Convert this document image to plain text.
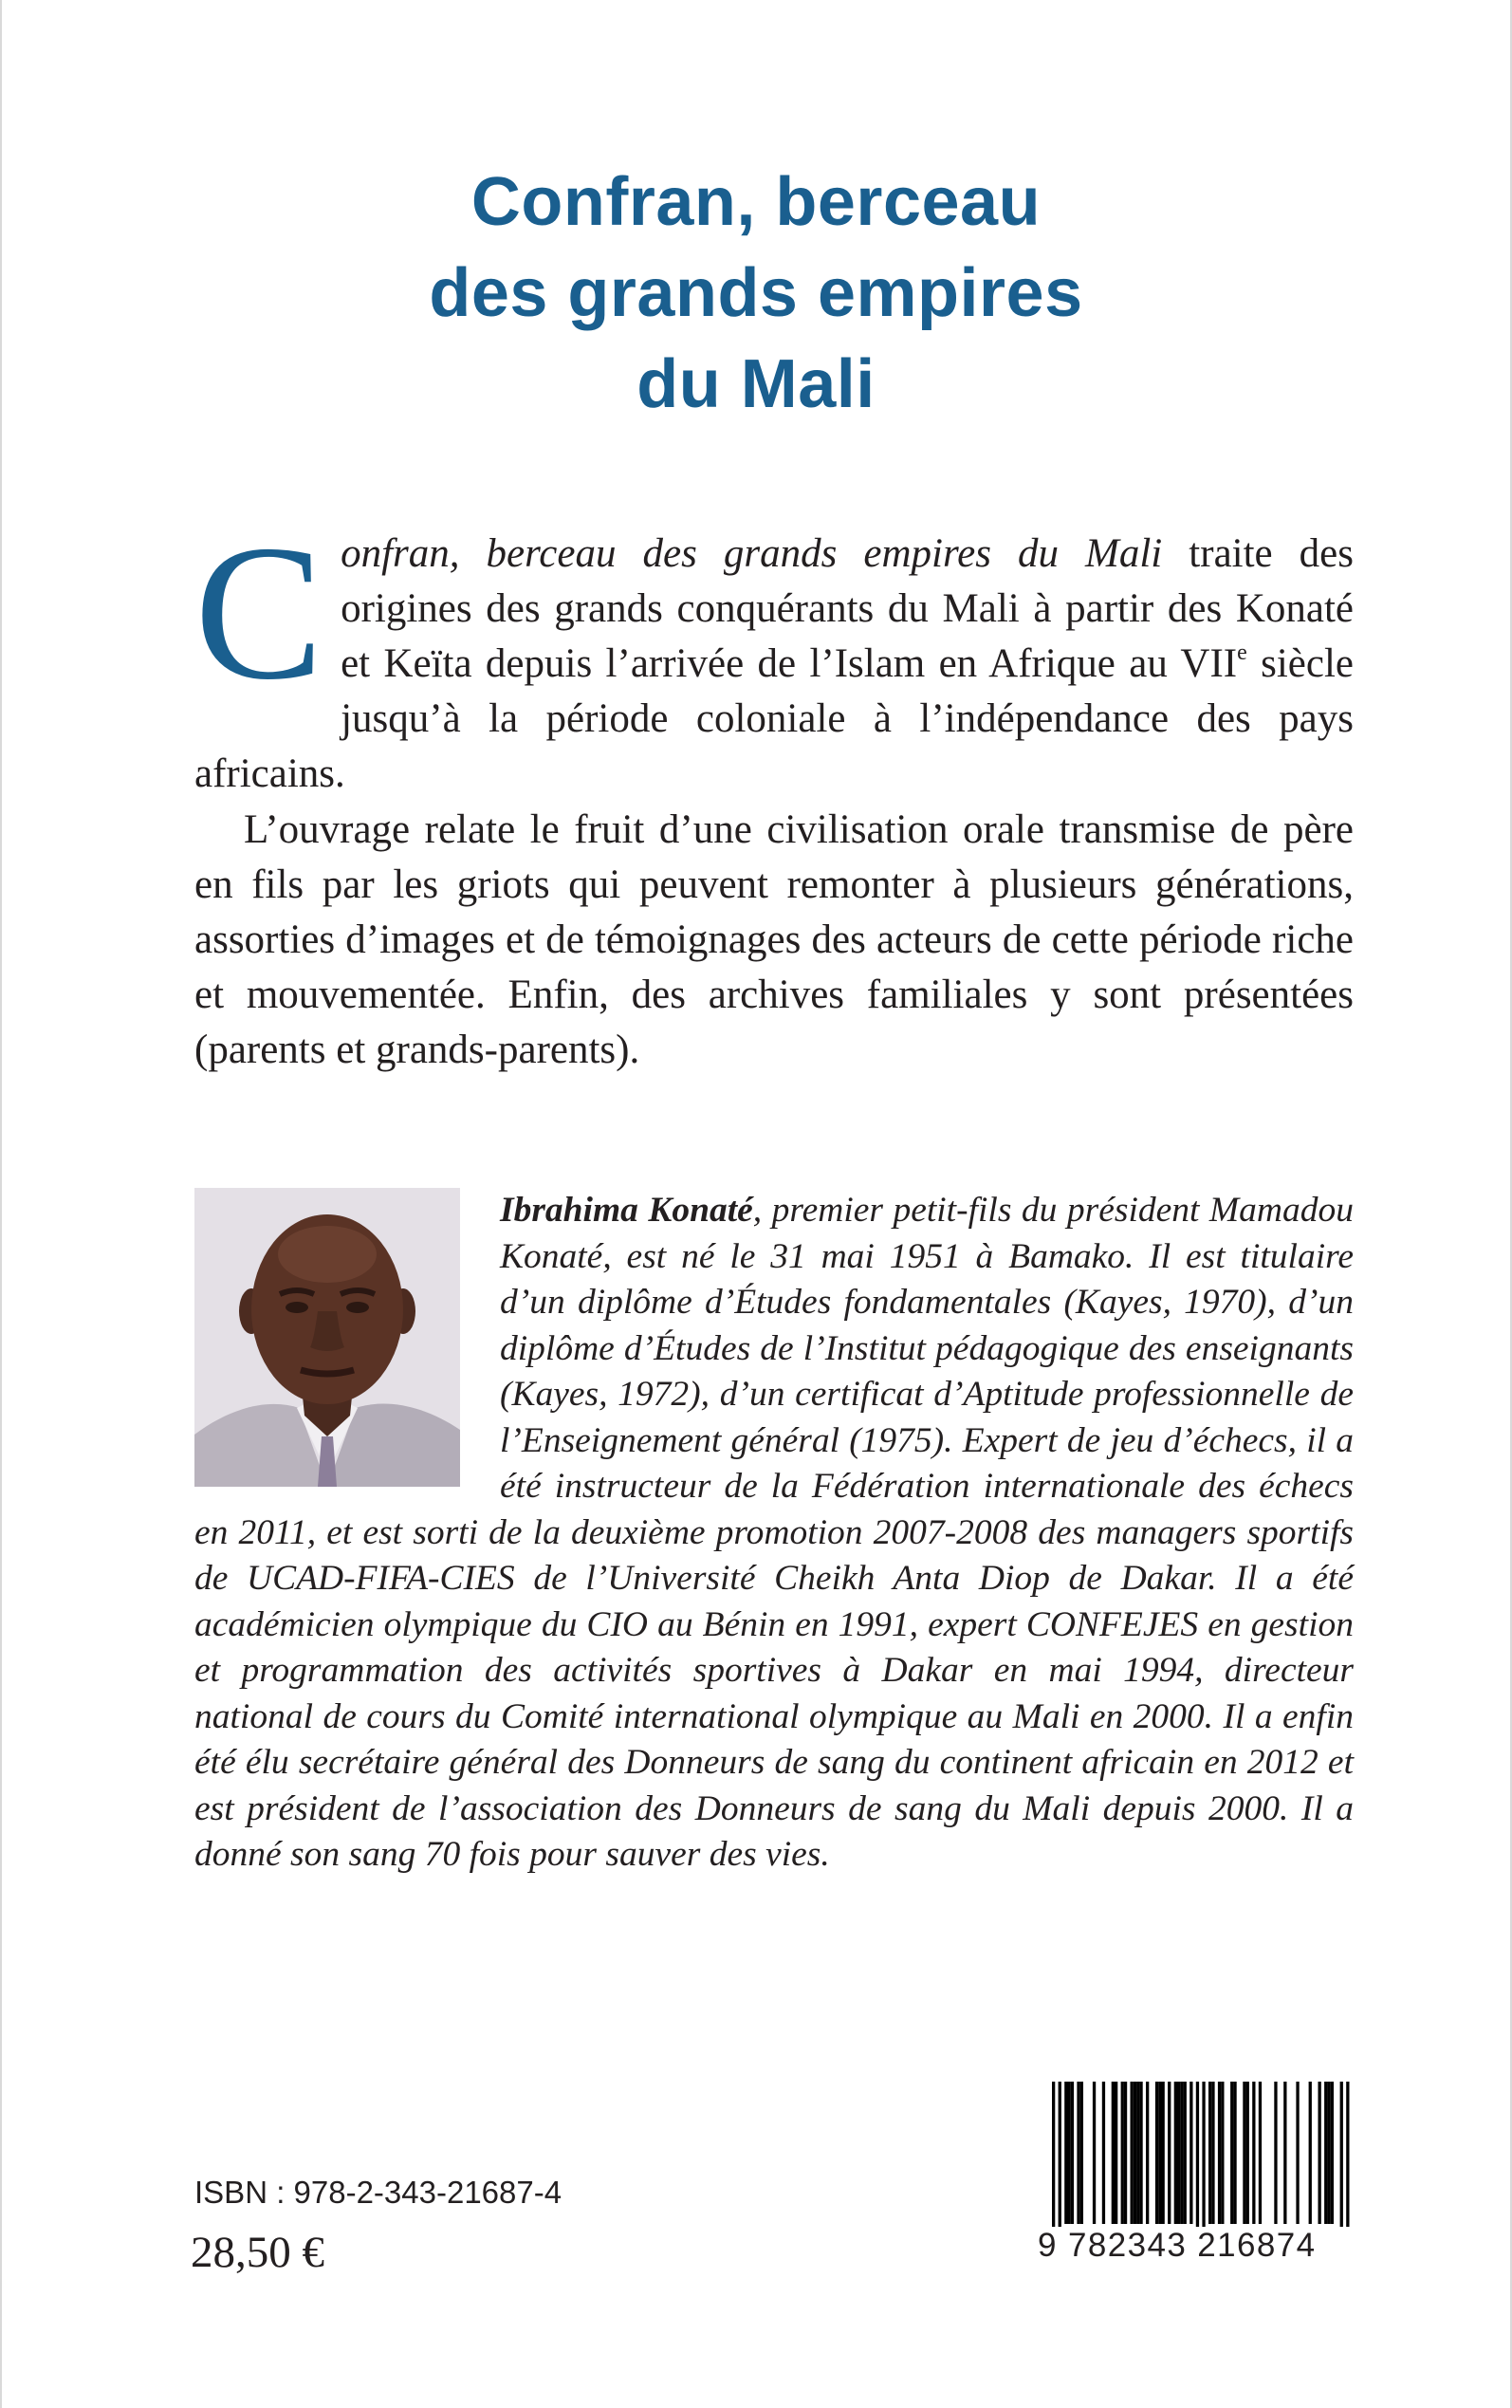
Confran, berceau
des grands empires
du Mali

Confran, berceau des grands empires du Mali traite des origines des grands conquérants du Mali à partir des Konaté et Keïta depuis l’arrivée de l’Islam en Afrique au VIIe siècle jusqu’à la période coloniale à l’indépendance des pays africains.

L’ouvrage relate le fruit d’une civilisation orale transmise de père en fils par les griots qui peuvent remonter à plusieurs générations, assorties d’images et de témoignages des acteurs de cette période riche et mouvementée. Enfin, des archives familiales y sont présentées (parents et grands-parents).

Ibrahima Konaté, premier petit-fils du président Mamadou Konaté, est né le 31 mai 1951 à Bamako. Il est titulaire d’un diplôme d’Études fondamentales (Kayes, 1970), d’un diplôme d’Études de l’Institut pédagogique des enseignants (Kayes, 1972), d’un certificat d’Aptitude professionnelle de l’Enseignement général (1975). Expert de jeu d’échecs, il a été instructeur de la Fédération internationale des échecs en 2011, et est sorti de la deuxième promotion 2007-2008 des managers sportifs de UCAD-FIFA-CIES de l’Université Cheikh Anta Diop de Dakar. Il a été académicien olympique du CIO au Bénin en 1991, expert CONFEJES en gestion et programmation des activités sportives à Dakar en mai 1994, directeur national de cours du Comité international olympique au Mali en 2000. Il a enfin été élu secrétaire général des Donneurs de sang du continent africain en 2012 et est président de l’association des Donneurs de sang du Mali depuis 2000. Il a donné son sang 70 fois pour sauver des vies.

ISBN : 978-2-343-21687-4
28,50 €	9 782343 216874
